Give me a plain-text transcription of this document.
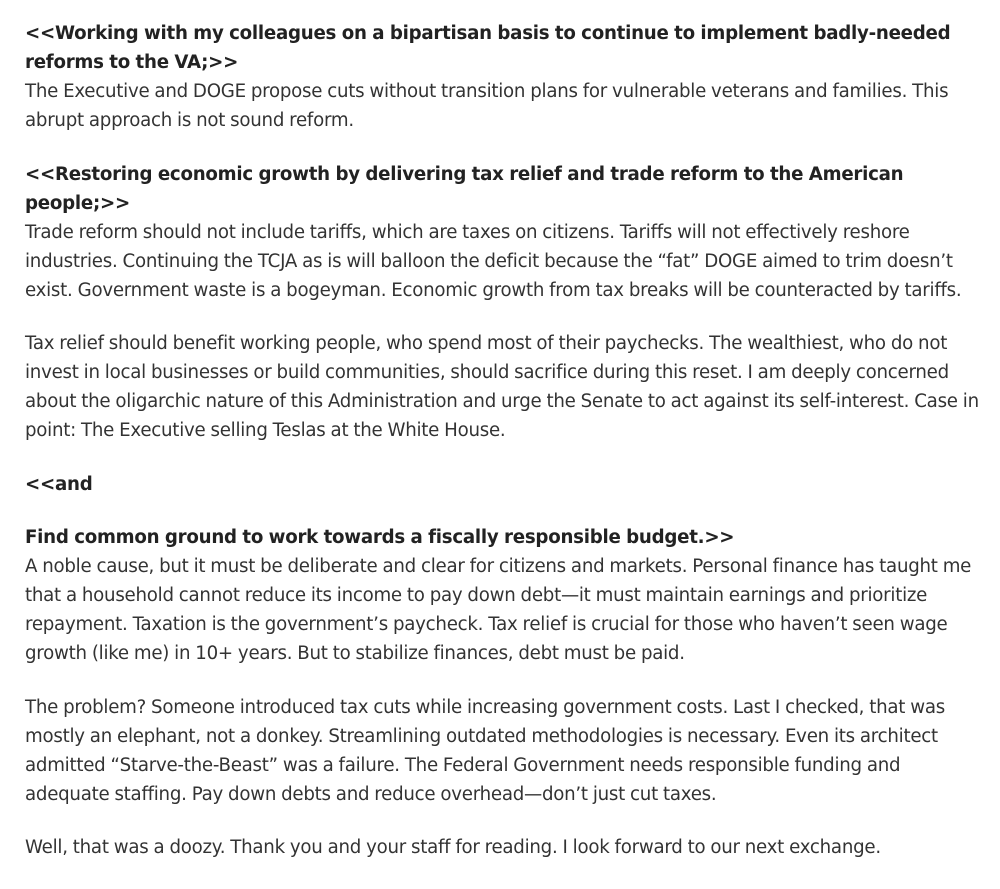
<<Working with my colleagues on a bipartisan basis to continue to implement badly-needed reforms to the VA;>>
The Executive and DOGE propose cuts without transition plans for vulnerable veterans and families. This abrupt approach is not sound reform.
<<Restoring economic growth by delivering tax relief and trade reform to the American people;>>
Trade reform should not include tariffs, which are taxes on citizens. Tariffs will not effectively reshore industries. Continuing the TCJA as is will balloon the deficit because the “fat” DOGE aimed to trim doesn’t exist. Government waste is a bogeyman. Economic growth from tax breaks will be counteracted by tariffs.
Tax relief should benefit working people, who spend most of their paychecks. The wealthiest, who do not invest in local businesses or build communities, should sacrifice during this reset. I am deeply concerned about the oligarchic nature of this Administration and urge the Senate to act against its self-interest. Case in point: The Executive selling Teslas at the White House.
<<and
Find common ground to work towards a fiscally responsible budget.>>
A noble cause, but it must be deliberate and clear for citizens and markets. Personal finance has taught me that a household cannot reduce its income to pay down debt—it must maintain earnings and prioritize repayment. Taxation is the government’s paycheck. Tax relief is crucial for those who haven’t seen wage growth (like me) in 10+ years. But to stabilize finances, debt must be paid.
The problem? Someone introduced tax cuts while increasing government costs. Last I checked, that was mostly an elephant, not a donkey. Streamlining outdated methodologies is necessary. Even its architect admitted “Starve-the-Beast” was a failure. The Federal Government needs responsible funding and adequate staffing. Pay down debts and reduce overhead—don’t just cut taxes.
Well, that was a doozy. Thank you and your staff for reading. I look forward to our next exchange.
